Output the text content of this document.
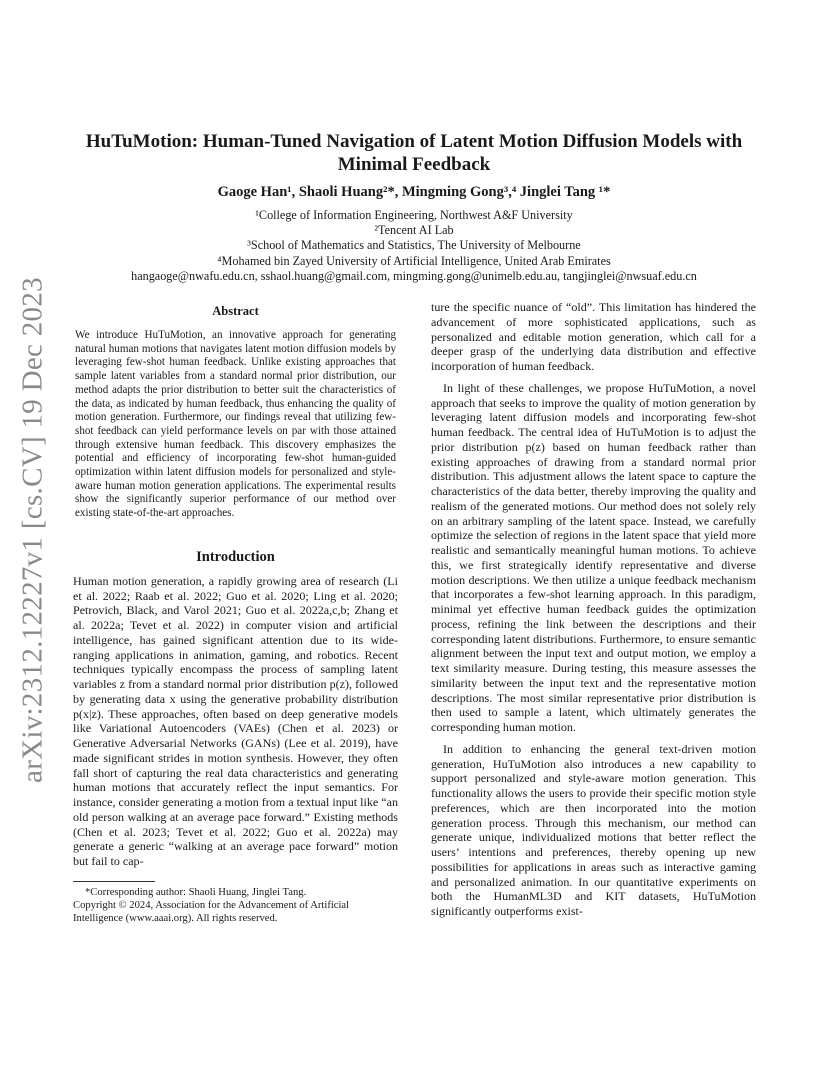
arXiv:2312.12227v1 [cs.CV] 19 Dec 2023
HuTuMotion: Human-Tuned Navigation of Latent Motion Diffusion Models with
Minimal Feedback
Gaoge Han¹, Shaoli Huang²*, Mingming Gong³,⁴ Jinglei Tang ¹*
¹College of Information Engineering, Northwest A&F University
²Tencent AI Lab
³School of Mathematics and Statistics, The University of Melbourne
⁴Mohamed bin Zayed University of Artificial Intelligence, United Arab Emirates
hangaoge@nwafu.edu.cn, sshaol.huang@gmail.com, mingming.gong@unimelb.edu.au, tangjinglei@nwsuaf.edu.cn
Abstract

We introduce HuTuMotion, an innovative approach for generating natural human motions that navigates latent motion diffusion models by leveraging few-shot human feedback. Unlike existing approaches that sample latent variables from a standard normal prior distribution, our method adapts the prior distribution to better suit the characteristics of the data, as indicated by human feedback, thus enhancing the quality of motion generation. Furthermore, our findings reveal that utilizing few-shot feedback can yield performance levels on par with those attained through extensive human feedback. This discovery emphasizes the potential and efficiency of incorporating few-shot human-guided optimization within latent diffusion models for personalized and style-aware human motion generation applications. The experimental results show the significantly superior performance of our method over existing state-of-the-art approaches.

Introduction

Human motion generation, a rapidly growing area of research (Li et al. 2022; Raab et al. 2022; Guo et al. 2020; Ling et al. 2020; Petrovich, Black, and Varol 2021; Guo et al. 2022a,c,b; Zhang et al. 2022a; Tevet et al. 2022) in computer vision and artificial intelligence, has gained significant attention due to its wide-ranging applications in animation, gaming, and robotics. Recent techniques typically encompass the process of sampling latent variables z from a standard normal prior distribution p(z), followed by generating data x using the generative probability distribution p(x|z). These approaches, often based on deep generative models like Variational Autoencoders (VAEs) (Chen et al. 2023) or Generative Adversarial Networks (GANs) (Lee et al. 2019), have made significant strides in motion synthesis. However, they often fall short of capturing the real data characteristics and generating human motions that accurately reflect the input semantics. For instance, consider generating a motion from a textual input like “an old person walking at an average pace forward.” Existing methods (Chen et al. 2023; Tevet et al. 2022; Guo et al. 2022a) may generate a generic “walking at an average pace forward” motion but fail to cap-

*Corresponding author: Shaoli Huang, Jinglei Tang.
Copyright © 2024, Association for the Advancement of Artificial Intelligence (www.aaai.org). All rights reserved.

ture the specific nuance of “old”. This limitation has hindered the advancement of more sophisticated applications, such as personalized and editable motion generation, which call for a deeper grasp of the underlying data distribution and effective incorporation of human feedback.

In light of these challenges, we propose HuTuMotion, a novel approach that seeks to improve the quality of motion generation by leveraging latent diffusion models and incorporating few-shot human feedback. The central idea of HuTuMotion is to adjust the prior distribution p(z) based on human feedback rather than existing approaches of drawing from a standard normal prior distribution. This adjustment allows the latent space to capture the characteristics of the data better, thereby improving the quality and realism of the generated motions. Our method does not solely rely on an arbitrary sampling of the latent space. Instead, we carefully optimize the selection of regions in the latent space that yield more realistic and semantically meaningful human motions. To achieve this, we first strategically identify representative and diverse motion descriptions. We then utilize a unique feedback mechanism that incorporates a few-shot learning approach. In this paradigm, minimal yet effective human feedback guides the optimization process, refining the link between the descriptions and their corresponding latent distributions. Furthermore, to ensure semantic alignment between the input text and output motion, we employ a text similarity measure. During testing, this measure assesses the similarity between the input text and the representative motion descriptions. The most similar representative prior distribution is then used to sample a latent, which ultimately generates the corresponding human motion.

In addition to enhancing the general text-driven motion generation, HuTuMotion also introduces a new capability to support personalized and style-aware motion generation. This functionality allows the users to provide their specific motion style preferences, which are then incorporated into the motion generation process. Through this mechanism, our method can generate unique, individualized motions that better reflect the users’ intentions and preferences, thereby opening up new possibilities for applications in areas such as interactive gaming and personalized animation. In our quantitative experiments on both the HumanML3D and KIT datasets, HuTuMotion significantly outperforms exist-
